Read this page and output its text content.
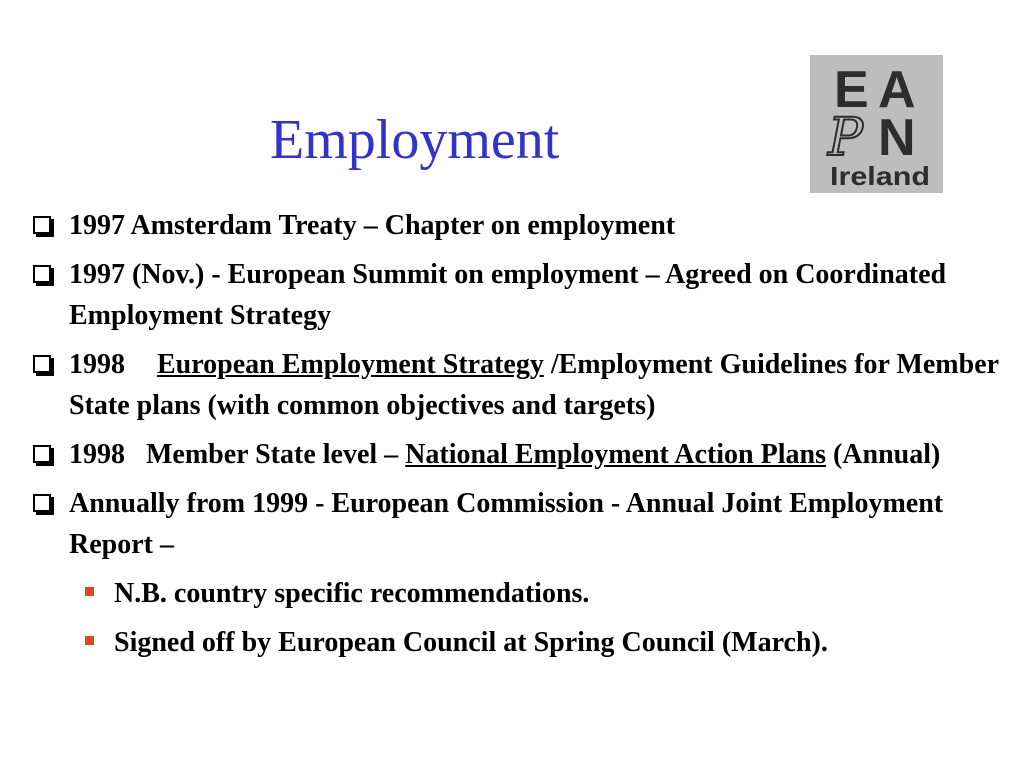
Employment
E A
P N
Ireland
1997 Amsterdam Treaty – Chapter on employment
1997 (Nov.) - European Summit on employment – Agreed on Coordinated Employment Strategy
1998 European Employment Strategy /Employment Guidelines for Member State plans (with common objectives and targets)
1998   Member State level – National Employment Action Plans (Annual)
Annually from 1999 - European Commission - Annual Joint Employment Report –
N.B. country specific recommendations.
Signed off by European Council at Spring Council (March).
